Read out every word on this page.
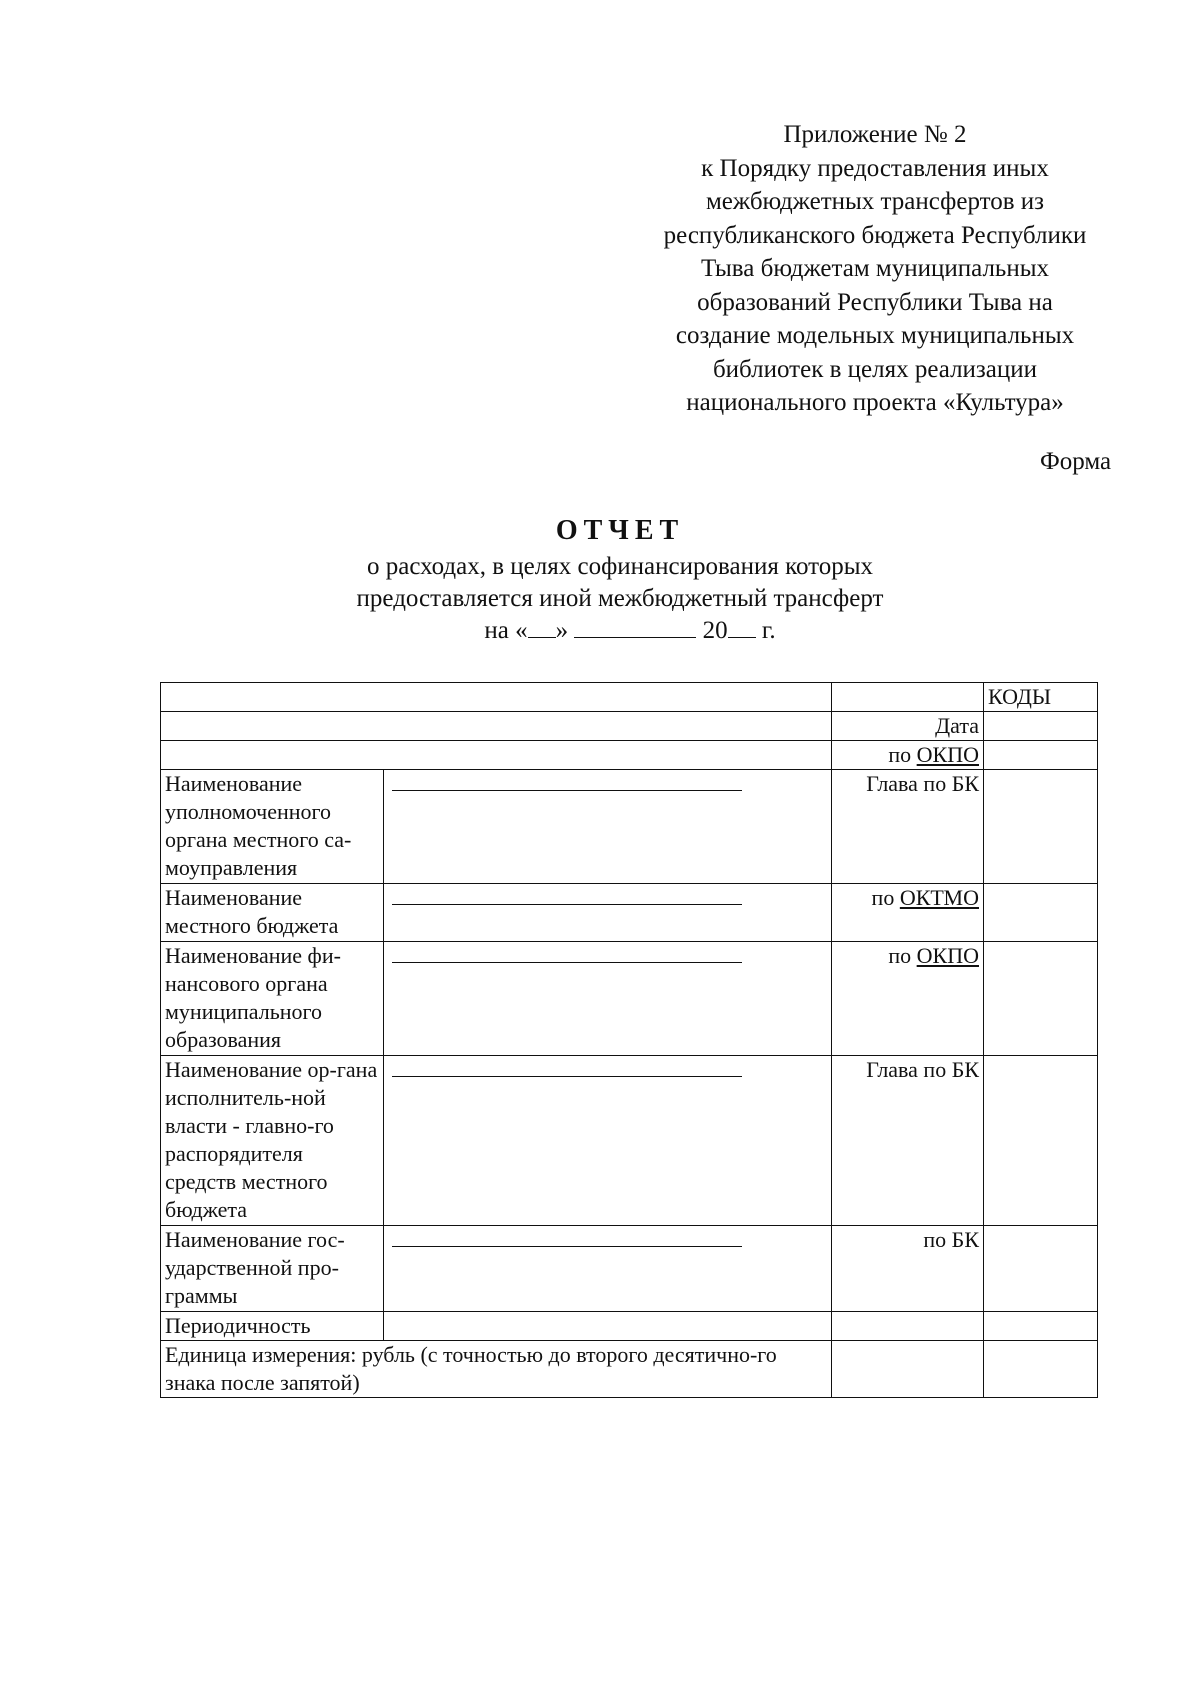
Приложение № 2
к Порядку предоставления иных
межбюджетных трансфертов из
республиканского бюджета Республики
Тыва бюджетам муниципальных
образований Республики Тыва на
создание модельных муниципальных
библиотек в целях реализации
национального проекта «Культура»
Форма
ОТЧЕТ
о расходах, в целях софинансирования которых
предоставляется иной межбюджетный трансферт
на « »	20 г.
			КОДЫ
		Дата	
		по ОКПО	
Наименование уполномоченного органа местного са-моуправления		Глава по БК	
Наименование местного бюджета		по ОКТМО	
Наименование фи-нансового органа муниципального образования		по ОКПО	
Наименование ор-гана исполнитель-ной власти - главно-го распорядителя средств местного бюджета		Глава по БК	
Наименование гос-ударственной про-граммы		по БК	
Периодичность			
Единица измерения: рубль (с точностью до второго десятично-го знака после запятой)			
